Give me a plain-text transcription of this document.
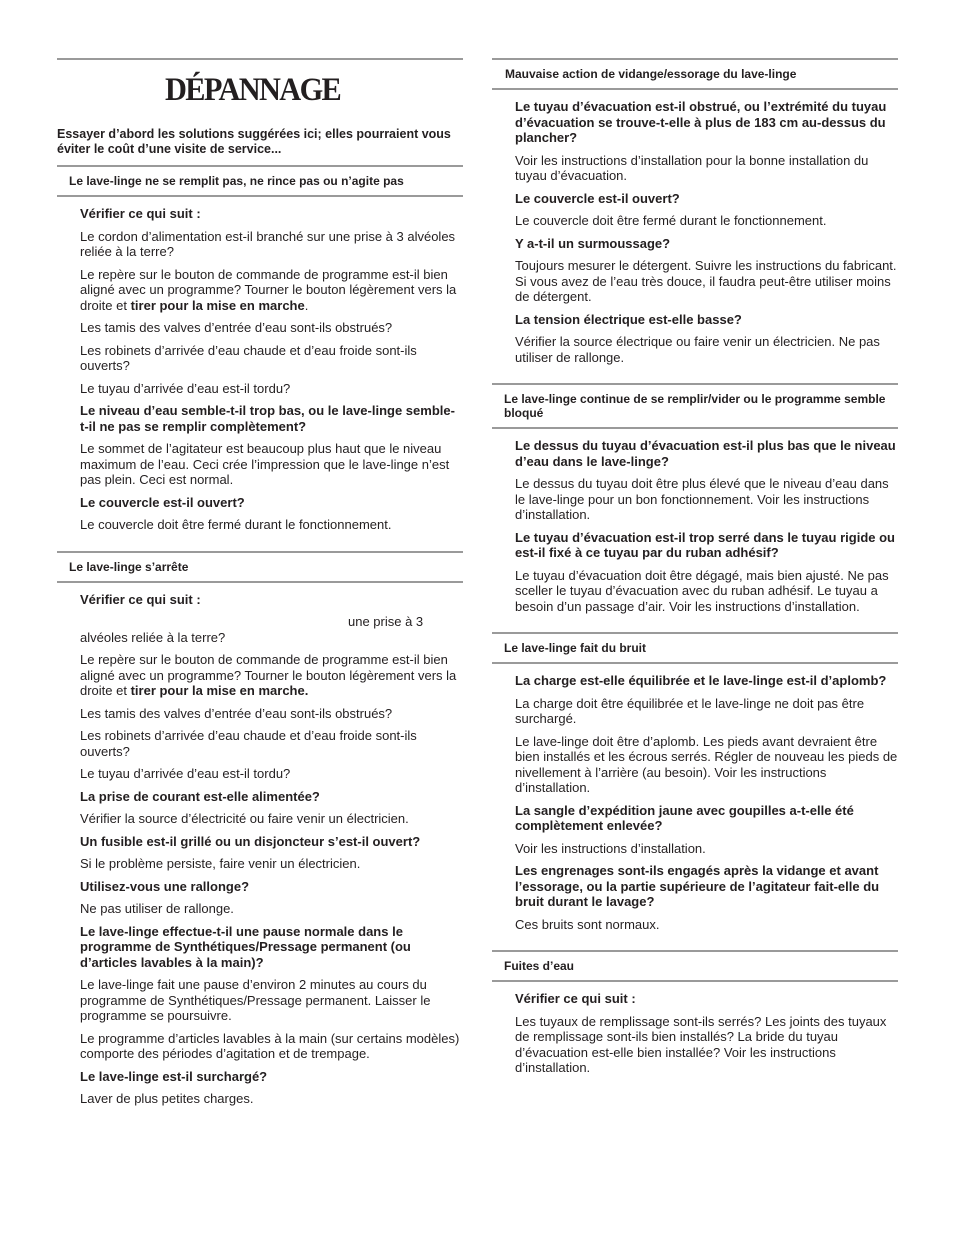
DÉPANNAGE

Essayer d’abord les solutions suggérées ici; elles pourraient vous éviter le coût d’une visite de service...

Le lave-linge ne se remplit pas, ne rince pas ou n’agite pas

Vérifier ce qui suit :

Le cordon d’alimentation est-il branché sur une prise à 3 alvéoles reliée à la terre?

Le repère sur le bouton de commande de programme est-il bien aligné avec un programme? Tourner le bouton légèrement vers la droite et tirer pour la mise en marche.

Les tamis des valves d’entrée d’eau sont-ils obstrués?

Les robinets d’arrivée d’eau chaude et d’eau froide sont-ils ouverts?

Le tuyau d’arrivée d’eau est-il tordu?

Le niveau d’eau semble-t-il trop bas, ou le lave-linge semble-t-il ne pas se remplir complètement?

Le sommet de l’agitateur est beaucoup plus haut que le niveau maximum de l’eau. Ceci crée l’impression que le lave-linge n’est pas plein. Ceci est normal.

Le couvercle est-il ouvert?

Le couvercle doit être fermé durant le fonctionnement.

Le lave-linge s’arrête

Vérifier ce qui suit :

une prise à 3

alvéoles reliée à la terre?

Le repère sur le bouton de commande de programme est-il bien aligné avec un programme? Tourner le bouton légèrement vers la droite et tirer pour la mise en marche.

Les tamis des valves d’entrée d’eau sont-ils obstrués?

Les robinets d’arrivée d’eau chaude et d’eau froide sont-ils ouverts?

Le tuyau d’arrivée d’eau est-il tordu?

La prise de courant est-elle alimentée?

Vérifier la source d’électricité ou faire venir un électricien.

Un fusible est-il grillé ou un disjoncteur s’est-il ouvert?

Si le problème persiste, faire venir un électricien.

Utilisez-vous une rallonge?

Ne pas utiliser de rallonge.

Le lave-linge effectue-t-il une pause normale dans le programme de Synthétiques/Pressage permanent (ou d’articles lavables à la main)?

Le lave-linge fait une pause d’environ 2 minutes au cours du programme de Synthétiques/Pressage permanent. Laisser le programme se poursuivre.

Le programme d’articles lavables à la main (sur certains modèles) comporte des périodes d’agitation et de trempage.

Le lave-linge est-il surchargé?

Laver de plus petites charges.

Mauvaise action de vidange/essorage du lave-linge

Le tuyau d’évacuation est-il obstrué, ou l’extrémité du tuyau d’évacuation se trouve-t-elle à plus de 183 cm au-dessus du plancher?

Voir les instructions d’installation pour la bonne installation du tuyau d’évacuation.

Le couvercle est-il ouvert?

Le couvercle doit être fermé durant le fonctionnement.

Y a-t-il un surmoussage?

Toujours mesurer le détergent. Suivre les instructions du fabricant. Si vous avez de l’eau très douce, il faudra peut-être utiliser moins de détergent.

La tension électrique est-elle basse?

Vérifier la source électrique ou faire venir un électricien. Ne pas utiliser de rallonge.

Le lave-linge continue de se remplir/vider ou le programme semble bloqué

Le dessus du tuyau d’évacuation est-il plus bas que le niveau d’eau dans le lave-linge?

Le dessus du tuyau doit être plus élevé que le niveau d’eau dans le lave-linge pour un bon fonctionnement. Voir les instructions d’installation.

Le tuyau d’évacuation est-il trop serré dans le tuyau rigide ou est-il fixé à ce tuyau par du ruban adhésif?

Le tuyau d’évacuation doit être dégagé, mais bien ajusté. Ne pas sceller le tuyau d’évacuation avec du ruban adhésif. Le tuyau a besoin d’un passage d’air. Voir les instructions d’installation.

Le lave-linge fait du bruit

La charge est-elle équilibrée et le lave-linge est-il d’aplomb?

La charge doit être équilibrée et le lave-linge ne doit pas être surchargé.

Le lave-linge doit être d’aplomb. Les pieds avant devraient être bien installés et les écrous serrés. Régler de nouveau les pieds de nivellement à l’arrière (au besoin). Voir les instructions d’installation.

La sangle d’expédition jaune avec goupilles a-t-elle été complètement enlevée?

Voir les instructions d’installation.

Les engrenages sont-ils engagés après la vidange et avant l’essorage, ou la partie supérieure de l’agitateur fait-elle du bruit durant le lavage?

Ces bruits sont normaux.

Fuites d’eau

Vérifier ce qui suit :

Les tuyaux de remplissage sont-ils serrés? Les joints des tuyaux de remplissage sont-ils bien installés? La bride du tuyau d’évacuation est-elle bien installée? Voir les instructions d’installation.
